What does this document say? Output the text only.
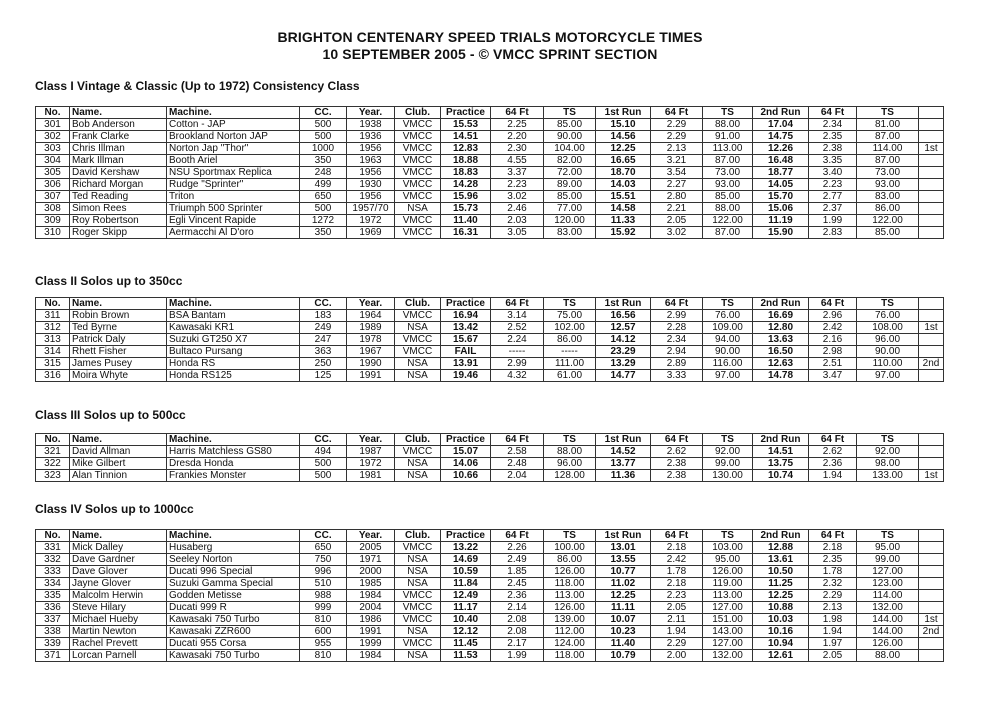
BRIGHTON CENTENARY SPEED TRIALS MOTORCYCLE TIMES
10 SEPTEMBER 2005 - © VMCC SPRINT SECTION
Class I Vintage & Classic (Up to 1972) Consistency Class
No.	Name.	Machine.	CC.	Year.	Club.	Practice	64 Ft	TS	1st Run	64 Ft	TS	2nd Run	64 Ft	TS	
301	Bob Anderson	Cotton - JAP	500	1938	VMCC	15.53	2.25	85.00	15.10	2.29	88.00	17.04	2.34	81.00	
302	Frank Clarke	Brookland Norton JAP	500	1936	VMCC	14.51	2.20	90.00	14.56	2.29	91.00	14.75	2.35	87.00	
303	Chris Illman	Norton Jap "Thor"	1000	1956	VMCC	12.83	2.30	104.00	12.25	2.13	113.00	12.26	2.38	114.00	1st
304	Mark Illman	Booth Ariel	350	1963	VMCC	18.88	4.55	82.00	16.65	3.21	87.00	16.48	3.35	87.00	
305	David Kershaw	NSU Sportmax Replica	248	1956	VMCC	18.83	3.37	72.00	18.70	3.54	73.00	18.77	3.40	73.00	
306	Richard Morgan	Rudge "Sprinter"	499	1930	VMCC	14.28	2.23	89.00	14.03	2.27	93.00	14.05	2.23	93.00	
307	Ted Reading	Triton	650	1956	VMCC	15.96	3.02	85.00	15.51	2.80	85.00	15.70	2.77	83.00	
308	Simon Rees	Triumph 500 Sprinter	500	1957/70	NSA	15.73	2.46	77.00	14.58	2.21	88.00	15.06	2.37	86.00	
309	Roy Robertson	Egli Vincent Rapide	1272	1972	VMCC	11.40	2.03	120.00	11.33	2.05	122.00	11.19	1.99	122.00	
310	Roger Skipp	Aermacchi Al D'oro	350	1969	VMCC	16.31	3.05	83.00	15.92	3.02	87.00	15.90	2.83	85.00	
Class II Solos up to 350cc
No.	Name.	Machine.	CC.	Year.	Club.	Practice	64 Ft	TS	1st Run	64 Ft	TS	2nd Run	64 Ft	TS	
311	Robin Brown	BSA Bantam	183	1964	VMCC	16.94	3.14	75.00	16.56	2.99	76.00	16.69	2.96	76.00	
312	Ted Byrne	Kawasaki KR1	249	1989	NSA	13.42	2.52	102.00	12.57	2.28	109.00	12.80	2.42	108.00	1st
313	Patrick Daly	Suzuki GT250 X7	247	1978	VMCC	15.67	2.24	86.00	14.12	2.34	94.00	13.63	2.16	96.00	
314	Rhett Fisher	Bultaco Pursang	363	1967	VMCC	FAIL	-----	-----	23.29	2.94	90.00	16.50	2.98	90.00	
315	James Pusey	Honda RS	250	1990	NSA	13.91	2.99	111.00	13.29	2.89	116.00	12.63	2.51	110.00	2nd
316	Moira Whyte	Honda RS125	125	1991	NSA	19.46	4.32	61.00	14.77	3.33	97.00	14.78	3.47	97.00	
Class III Solos up to 500cc
No.	Name.	Machine.	CC.	Year.	Club.	Practice	64 Ft	TS	1st Run	64 Ft	TS	2nd Run	64 Ft	TS	
321	David Allman	Harris Matchless GS80	494	1987	VMCC	15.07	2.58	88.00	14.52	2.62	92.00	14.51	2.62	92.00	
322	Mike Gilbert	Dresda Honda	500	1972	NSA	14.06	2.48	96.00	13.77	2.38	99.00	13.75	2.36	98.00	
323	Alan Tinnion	Frankies Monster	500	1981	NSA	10.66	2.04	128.00	11.36	2.38	130.00	10.74	1.94	133.00	1st
Class IV Solos up to 1000cc
No.	Name.	Machine.	CC.	Year.	Club.	Practice	64 Ft	TS	1st Run	64 Ft	TS	2nd Run	64 Ft	TS	
331	Mick Dalley	Husaberg	650	2005	VMCC	13.22	2.26	100.00	13.01	2.18	103.00	12.88	2.18	95.00	
332	Dave Gardner	Seeley Norton	750	1971	NSA	14.69	2.49	86.00	13.55	2.42	95.00	13.61	2.35	99.00	
333	Dave Glover	Ducati 996 Special	996	2000	NSA	10.59	1.85	126.00	10.77	1.78	126.00	10.50	1.78	127.00	
334	Jayne Glover	Suzuki Gamma Special	510	1985	NSA	11.84	2.45	118.00	11.02	2.18	119.00	11.25	2.32	123.00	
335	Malcolm Herwin	Godden Metisse	988	1984	VMCC	12.49	2.36	113.00	12.25	2.23	113.00	12.25	2.29	114.00	
336	Steve Hilary	Ducati 999 R	999	2004	VMCC	11.17	2.14	126.00	11.11	2.05	127.00	10.88	2.13	132.00	
337	Michael Hueby	Kawasaki 750 Turbo	810	1986	VMCC	10.40	2.08	139.00	10.07	2.11	151.00	10.03	1.98	144.00	1st
338	Martin Newton	Kawasaki ZZR600	600	1991	NSA	12.12	2.08	112.00	10.23	1.94	143.00	10.16	1.94	144.00	2nd
339	Rachel Prevett	Ducati 955 Corsa	955	1999	VMCC	11.45	2.17	124.00	11.40	2.29	127.00	10.94	1.97	126.00	
371	Lorcan Parnell	Kawasaki 750 Turbo	810	1984	NSA	11.53	1.99	118.00	10.79	2.00	132.00	12.61	2.05	88.00	
